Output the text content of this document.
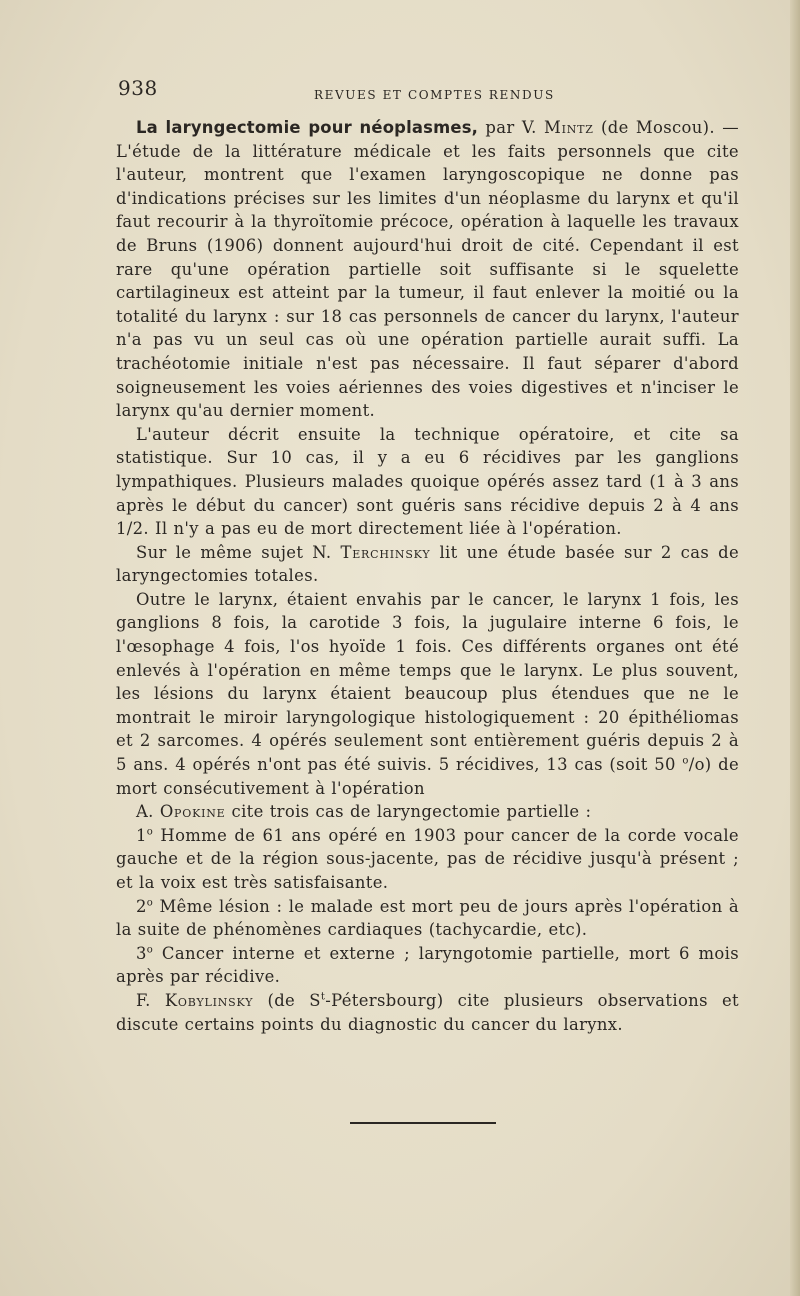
938	REVUES ET COMPTES RENDUS

La laryngectomie pour néoplasmes, par V. Mintz (de Moscou). — L'étude de la littérature médicale et les faits personnels que cite l'auteur, montrent que l'examen laryngoscopique ne donne pas d'indications précises sur les limites d'un néoplasme du larynx et qu'il faut recourir à la thyroïtomie précoce, opération à laquelle les travaux de Bruns (1906) donnent aujourd'hui droit de cité. Cependant il est rare qu'une opération partielle soit suffisante si le squelette cartilagineux est atteint par la tumeur, il faut enlever la moitié ou la totalité du larynx : sur 18 cas personnels de cancer du larynx, l'auteur n'a pas vu un seul cas où une opération partielle aurait suffi. La trachéotomie initiale n'est pas nécessaire. Il faut séparer d'abord soigneusement les voies aériennes des voies digestives et n'inciser le larynx qu'au dernier moment.

L'auteur décrit ensuite la technique opératoire, et cite sa statistique. Sur 10 cas, il y a eu 6 récidives par les ganglions lympathiques. Plusieurs malades quoique opérés assez tard (1 à 3 ans après le début du cancer) sont guéris sans récidive depuis 2 à 4 ans 1/2. Il n'y a pas eu de mort directement liée à l'opération.

Sur le même sujet N. Terchinsky lit une étude basée sur 2 cas de laryngectomies totales.

Outre le larynx, étaient envahis par le cancer, le larynx 1 fois, les ganglions 8 fois, la carotide 3 fois, la jugulaire interne 6 fois, le l'œsophage 4 fois, l'os hyoïde 1 fois. Ces différents organes ont été enlevés à l'opération en même temps que le larynx. Le plus souvent, les lésions du larynx étaient beaucoup plus étendues que ne le montrait le miroir laryngologique histologiquement : 20 épithéliomas et 2 sarcomes. 4 opérés seulement sont entièrement guéris depuis 2 à 5 ans. 4 opérés n'ont pas été suivis. 5 récidives, 13 cas (soit 50 $^o$/o) de mort consécutivement à l'opération

A. Opokine cite trois cas de laryngectomie partielle :

1$^o$ Homme de 61 ans opéré en 1903 pour cancer de la corde vocale gauche et de la région sous-jacente, pas de récidive jusqu'à présent ; et la voix est très satisfaisante.

2$^o$ Même lésion : le malade est mort peu de jours après l'opération à la suite de phénomènes cardiaques (tachycardie, etc).

3$^o$ Cancer interne et externe ; laryngotomie partielle, mort 6 mois après par récidive.

F. Kobylinsky (de $S^t-Pétersbourg$) cite plusieurs observations et discute certains points du diagnostic du cancer du larynx.
